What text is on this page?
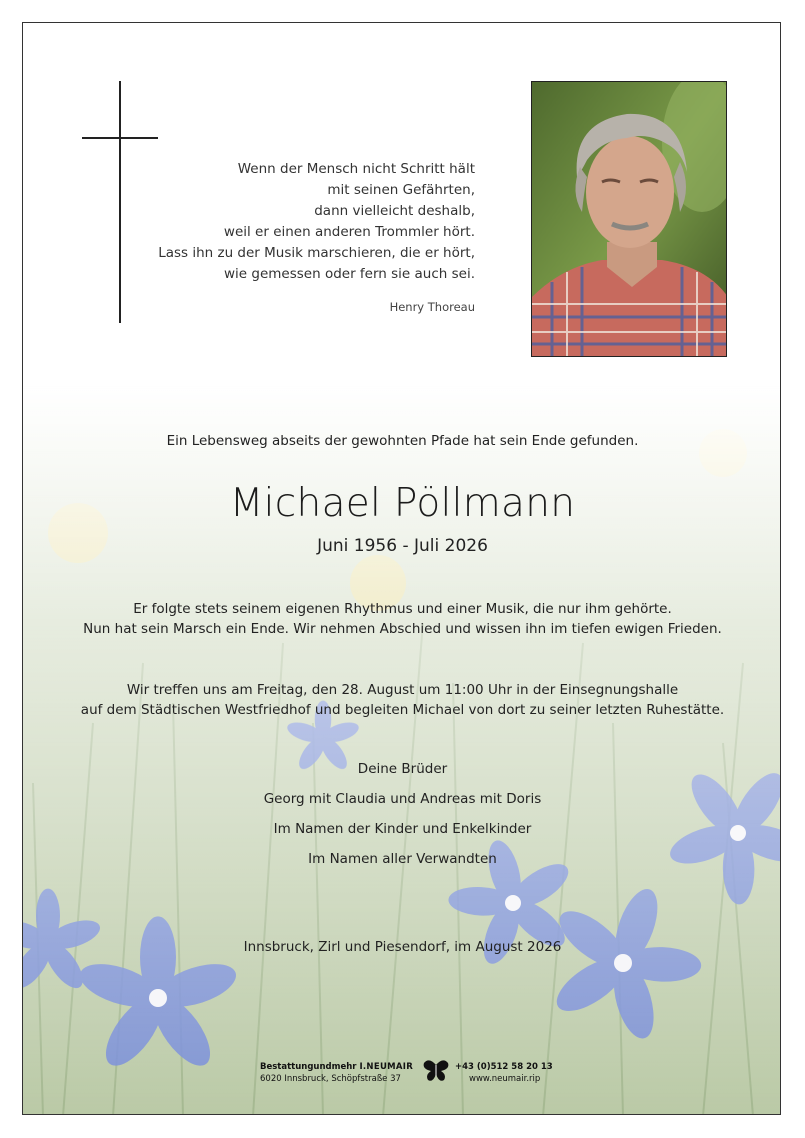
Wenn der Mensch nicht Schritt hält
mit seinen Gefährten,
dann vielleicht deshalb,
weil er einen anderen Trommler hört.
Lass ihn zu der Musik marschieren, die er hört,
wie gemessen oder fern sie auch sei.
Henry Thoreau
Ein Lebensweg abseits der gewohnten Pfade hat sein Ende gefunden.
Michael Pöllmann
Juni 1956 - Juli 2026
Er folgte stets seinem eigenen Rhythmus und einer Musik, die nur ihm gehörte.
Nun hat sein Marsch ein Ende. Wir nehmen Abschied und wissen ihn im tiefen ewigen Frieden.
Wir treffen uns am Freitag, den 28. August um 11:00 Uhr in der Einsegnungshalle
auf dem Städtischen Westfriedhof und begleiten Michael von dort zu seiner letzten Ruhestätte.
Deine Brüder
Georg mit Claudia und Andreas mit Doris
Im Namen der Kinder und Enkelkinder
Im Namen aller Verwandten
Innsbruck, Zirl und Piesendorf, im August 2026
Bestattungundmehr I.NEUMAIR
6020 Innsbruck, Schöpfstraße 37
+43 (0)512 58 20 13
www.neumair.rip
